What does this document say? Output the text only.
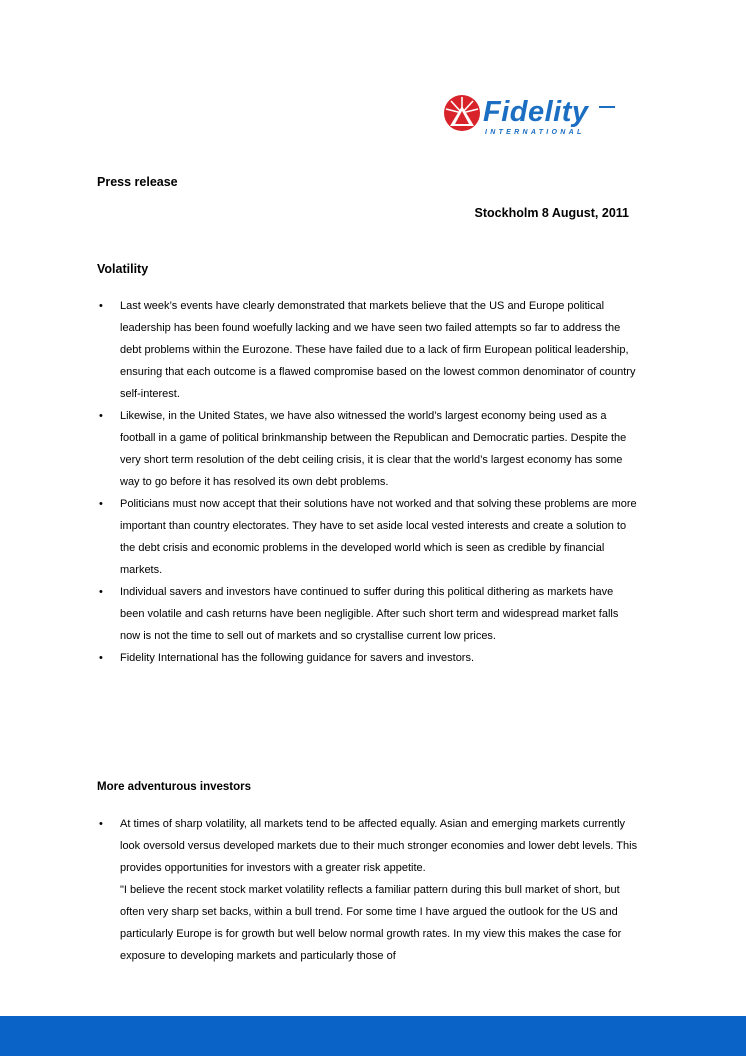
Fidelity
INTERNATIONAL
Press release

Stockholm 8 August, 2011

Volatility
• Last week’s events have clearly demonstrated that markets believe that the US and Europe political leadership has been found woefully lacking and we have seen two failed attempts so far to address the debt problems within the Eurozone. These have failed due to a lack of firm European political leadership, ensuring that each outcome is a flawed compromise based on the lowest common denominator of country self-interest.
• Likewise, in the United States, we have also witnessed the world’s largest economy being used as a football in a game of political brinkmanship between the Republican and Democratic parties. Despite the very short term resolution of the debt ceiling crisis, it is clear that the world’s largest economy has some way to go before it has resolved its own debt problems.
• Politicians must now accept that their solutions have not worked and that solving these problems are more important than country electorates. They have to set aside local vested interests and create a solution to the debt crisis and economic problems in the developed world which is seen as credible by financial markets.
• Individual savers and investors have continued to suffer during this political dithering as markets have been volatile and cash returns have been negligible. After such short term and widespread market falls now is not the time to sell out of markets and so crystallise current low prices.
• Fidelity International has the following guidance for savers and investors.
More adventurous investors
• At times of sharp volatility, all markets tend to be affected equally. Asian and emerging markets currently look oversold versus developed markets due to their much stronger economies and lower debt levels. This provides opportunities for investors with a greater risk appetite.
"I believe the recent stock market volatility reflects a familiar pattern during this bull market of short, but often very sharp set backs, within a bull trend. For some time I have argued the outlook for the US and particularly Europe is for growth but well below normal growth rates. In my view this makes the case for exposure to developing markets and particularly those of
